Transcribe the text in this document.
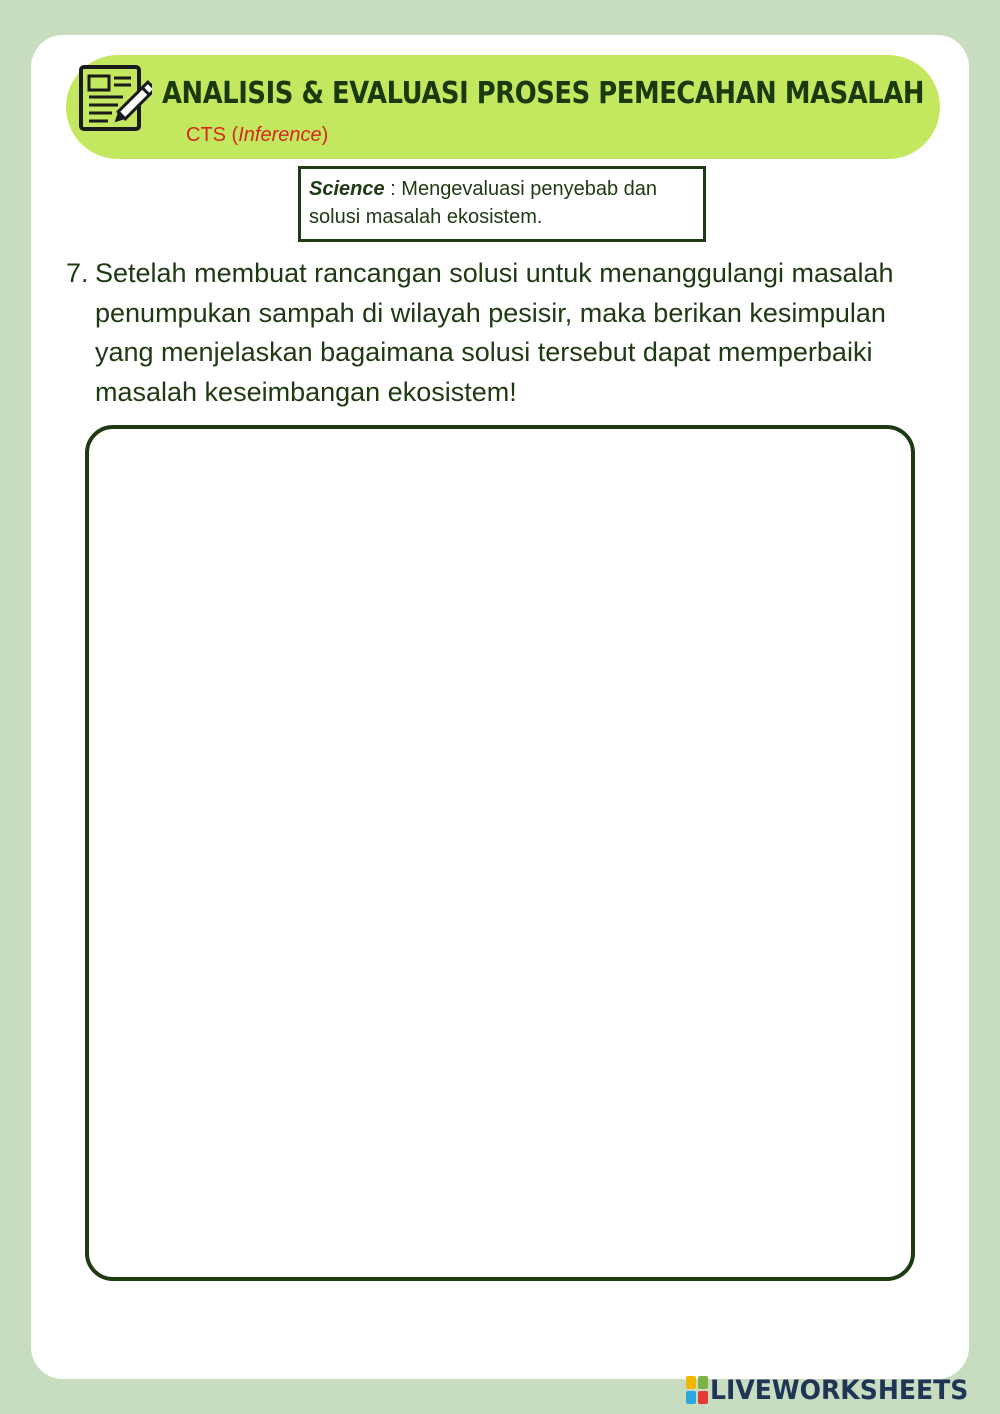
ANALISIS & EVALUASI PROSES PEMECAHAN MASALAH
CTS (Inference)
Science : Mengevaluasi penyebab dan solusi masalah ekosistem.
7. Setelah membuat rancangan solusi untuk menanggulangi masalah penumpukan sampah di wilayah pesisir, maka berikan kesimpulan yang menjelaskan bagaimana solusi tersebut dapat memperbaiki masalah keseimbangan ekosistem!
LIVEWORKSHEETS
